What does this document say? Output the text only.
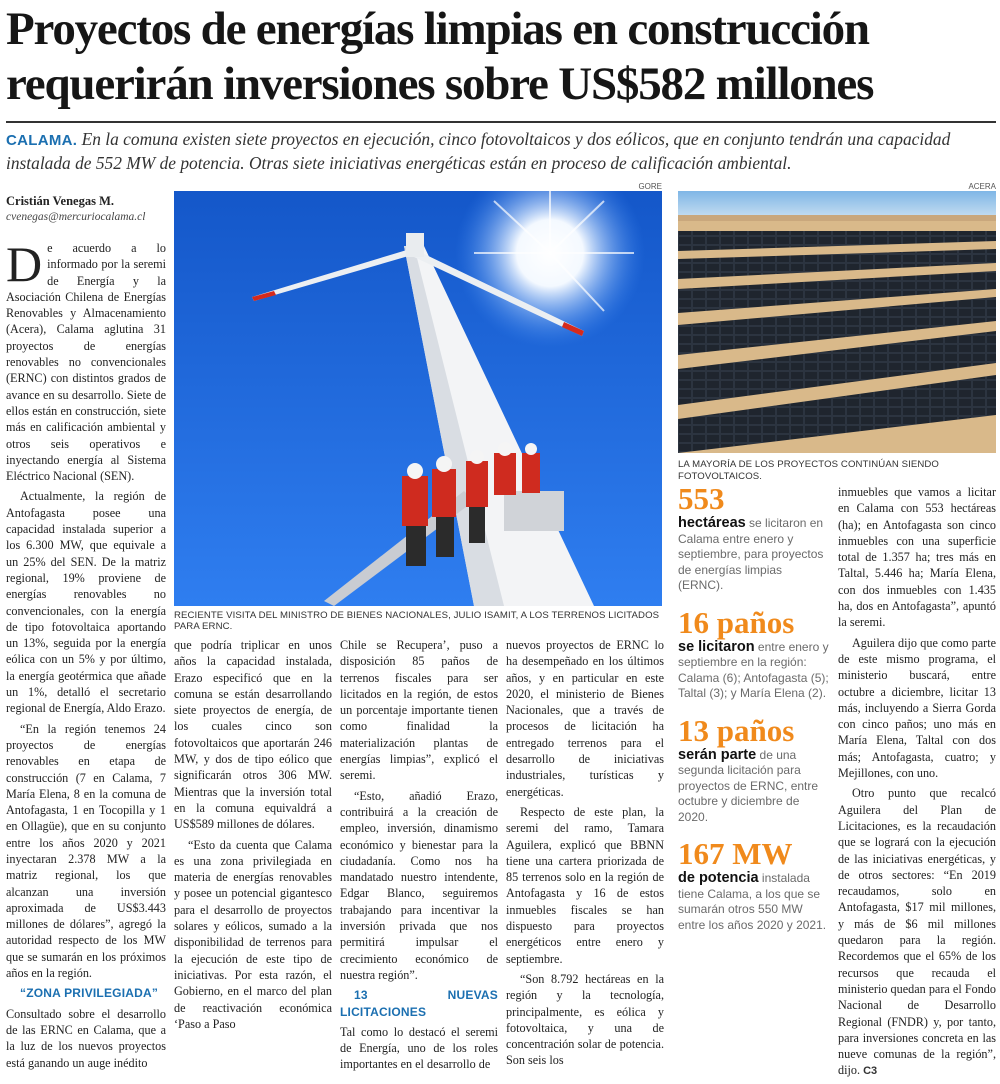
Proyectos de energías limpias en construcción
requerirán inversiones sobre US$582 millones
CALAMA. En la comuna existen siete proyectos en ejecución, cinco fotovoltaicos y dos eólicos, que en conjunto tendrán una capacidad instalada de 552 MW de potencia. Otras siete iniciativas energéticas están en proceso de calificación ambiental.
Cristián Venegas M.
cvenegas@mercuriocalama.cl

De acuerdo a lo informado por la seremi de Energía y la Asociación Chilena de Energías Renovables y Almacenamiento (Acera), Calama aglutina 31 proyectos de energías renovables no convencionales (ERNC) con distintos grados de avance en su desarrollo. Siete de ellos están en construcción, siete más en calificación ambiental y otros seis operativos e inyectando energía al Sistema Eléctrico Nacional (SEN).

Actualmente, la región de Antofagasta posee una capacidad instalada superior a los 6.300 MW, que equivale a un 25% del SEN. De la matriz regional, 19% proviene de energías renovables no convencionales, con la energía de tipo fotovoltaica aportando un 13%, seguida por la energía eólica con un 5% y por último, la energía geotérmica que añade un 1%, detalló el secretario regional de Energía, Aldo Erazo.

“En la región tenemos 24 proyectos de energías renovables en etapa de construcción (7 en Calama, 7 María Elena, 8 en la comuna de Antofagasta, 1 en Tocopilla y 1 en Ollagüe), que en su conjunto entre los años 2020 y 2021 inyectaran 2.378 MW a la matriz regional, los que alcanzan una inversión aproximada de US$3.443 millones de dólares”, agregó la autoridad respecto de los MW que se sumarán en los próximos años en la región.

“ZONA PRIVILEGIADA”

Consultado sobre el desarrollo de las ERNC en Calama, que a la luz de los nuevos proyectos está ganando un auge inédito

GORE
RECIENTE VISITA DEL MINISTRO DE BIENES NACIONALES, JULIO ISAMIT, A LOS TERRENOS LICITADOS PARA ERNC.
ACERA
LA MAYORÍA DE LOS PROYECTOS CONTINÚAN SIENDO FOTOVOLTAICOS.

que podría triplicar en unos años la capacidad instalada, Erazo especificó que en la comuna se están desarrollando siete proyectos de energía, de los cuales cinco son fotovoltaicos que aportarán 246 MW, y dos de tipo eólico que significarán otros 306 MW. Mientras que la inversión total en la comuna equivaldrá a US$589 millones de dólares.

“Esto da cuenta que Calama es una zona privilegiada en materia de energías renovables y posee un potencial gigantesco para el desarrollo de proyectos solares y eólicos, sumado a la disponibilidad de terrenos para la ejecución de este tipo de iniciativas. Por esta razón, el Gobierno, en el marco del plan de reactivación económica ‘Paso a Paso

Chile se Recupera’, puso a disposición 85 paños de terrenos fiscales para ser licitados en la región, de estos un porcentaje importante tienen como finalidad la materialización plantas de energías limpias”, explicó el seremi.

“Esto, añadió Erazo, contribuirá a la creación de empleo, inversión, dinamismo económico y bienestar para la ciudadanía. Como nos ha mandatado nuestro intendente, Edgar Blanco, seguiremos trabajando para incentivar la inversión privada que nos permitirá impulsar el crecimiento económico de nuestra región”.

13 NUEVAS LICITACIONES

Tal como lo destacó el seremi de Energía, uno de los roles importantes en el desarrollo de

nuevos proyectos de ERNC lo ha desempeñado en los últimos años, y en particular en este 2020, el ministerio de Bienes Nacionales, que a través de procesos de licitación ha entregado terrenos para el desarrollo de iniciativas industriales, turísticas y energéticas.

Respecto de este plan, la seremi del ramo, Tamara Aguilera, explicó que BBNN tiene una cartera priorizada de 85 terrenos solo en la región de Antofagasta y 16 de estos inmuebles fiscales se han dispuesto para proyectos energéticos entre enero y septiembre.

“Son 8.792 hectáreas en la región y la tecnología, principalmente, es eólica y fotovoltaica, y una de concentración solar de potencia. Son seis los

553

hectáreas se licitaron en Calama entre enero y septiembre, para proyectos de energías limpias (ERNC).

16 paños

se licitaron entre enero y septiembre en la región: Calama (6); Antofagasta (5); Taltal (3); y María Elena (2).

13 paños

serán parte de una segunda licitación para proyectos de ERNC, entre octubre y diciembre de 2020.

167 MW

de potencia instalada tiene Calama, a los que se sumarán otros 550 MW entre los años 2020 y 2021.

inmuebles que vamos a licitar en Calama con 553 hectáreas (ha); en Antofagasta son cinco inmuebles con una superficie total de 1.357 ha; tres más en Taltal, 5.446 ha; María Elena, con dos inmuebles con 1.435 ha, dos en Antofagasta”, apuntó la seremi.

Aguilera dijo que como parte de este mismo programa, el ministerio buscará, entre octubre a diciembre, licitar 13 más, incluyendo a Sierra Gorda con cinco paños; uno más en María Elena, Taltal con dos más; Antofagasta, cuatro; y Mejillones, con uno.

Otro punto que recalcó Aguilera del Plan de Licitaciones, es la recaudación que se logrará con la ejecución de las iniciativas energéticas, y de otros sectores: “En 2019 recaudamos, solo en Antofagasta, $17 mil millones, y más de $6 mil millones quedaron para la región. Recordemos que el 65% de los recursos que recauda el ministerio quedan para el Fondo Nacional de Desarrollo Regional (FNDR) y, por tanto, para inversiones concreta en las nueve comunas de la región”, dijo. C3
